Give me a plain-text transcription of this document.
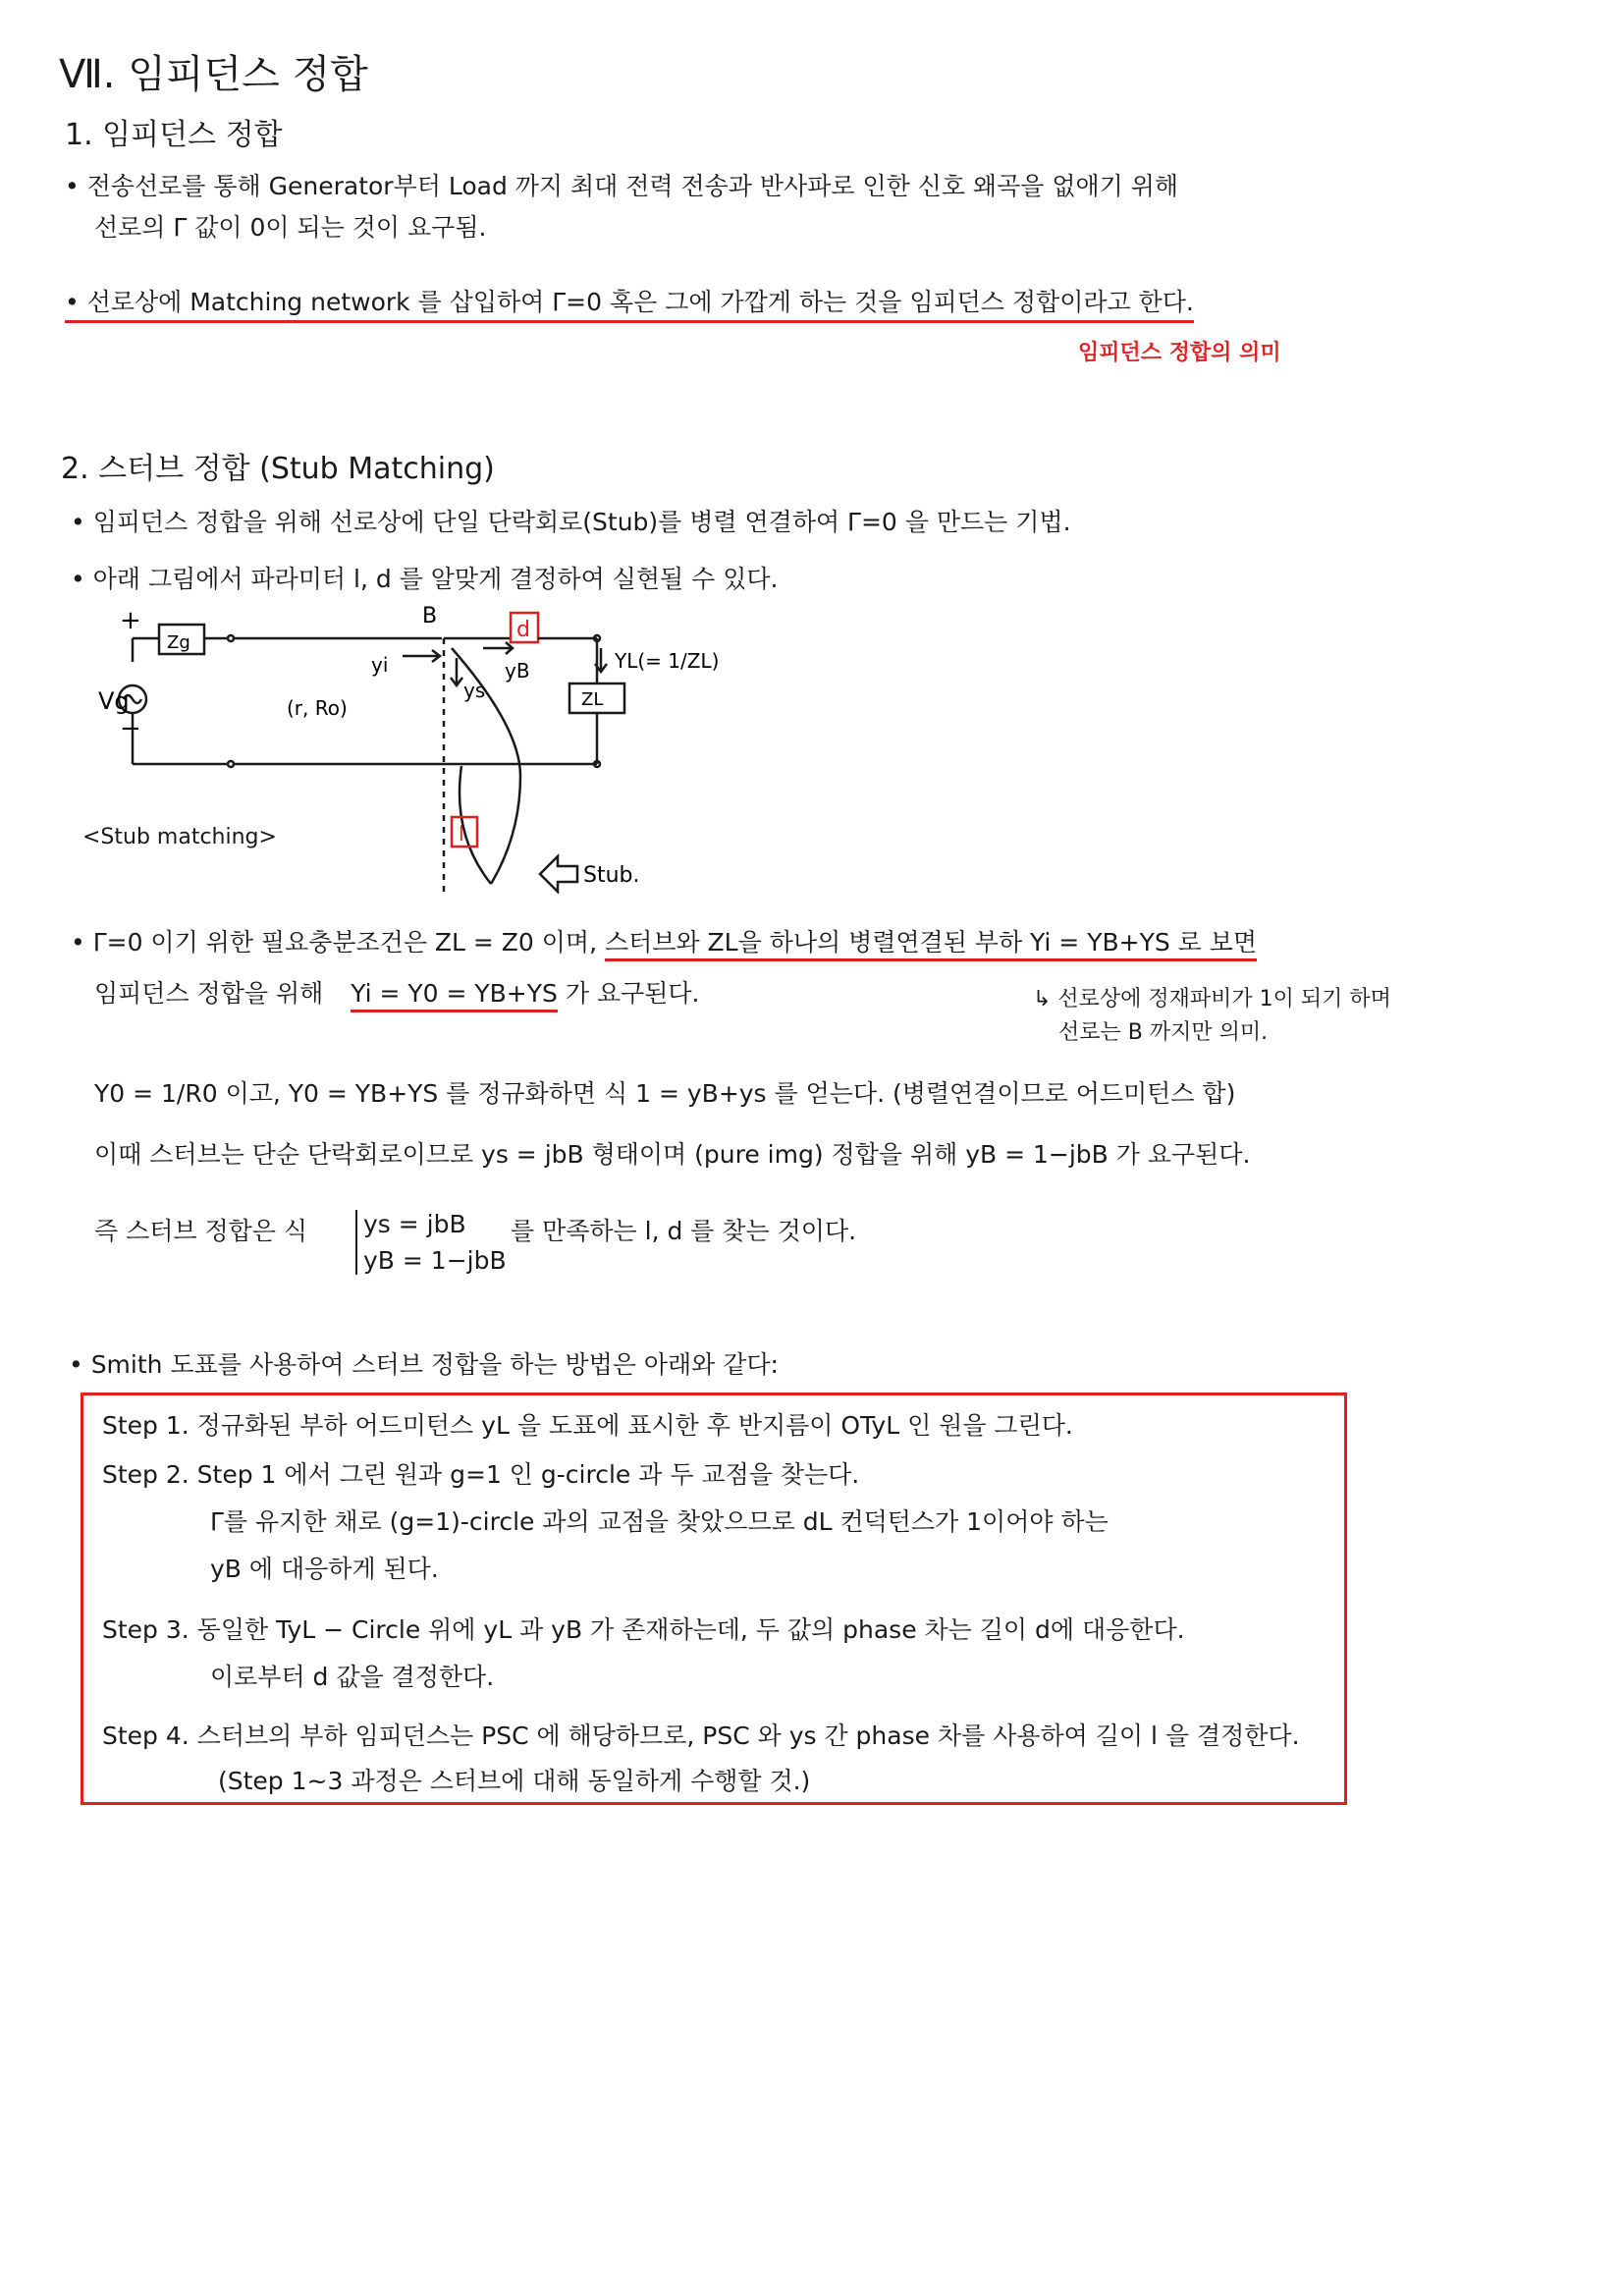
Ⅶ. 임피던스 정합
1. 임피던스 정합
• 전송선로를 통해 Generator부터 Load 까지 최대 전력 전송과 반사파로 인한 신호 왜곡을 없애기 위해
선로의 Γ 값이 0이 되는 것이 요구됨.
• 선로상에 Matching network 를 삽입하여 Γ=0 혹은 그에 가깝게 하는 것을 임피던스 정합이라고 한다.
임피던스 정합의 의미
2. 스터브 정합 (Stub Matching)
• 임피던스 정합을 위해 선로상에 단일 단락회로(Stub)를 병렬 연결하여 Γ=0 을 만드는 기법.
• 아래 그림에서 파라미터 l, d 를 알맞게 결정하여 실현될 수 있다.
Zg
+
Vg
−
(r, Ro)
B
d
yi
ys
yB	YL(= 1/ZL)
ZL
l
Stub.
<Stub matching>
• Γ=0 이기 위한 필요충분조건은 ZL = Z0 이며, 스터브와 ZL을 하나의 병렬연결된 부하 Yi = YB+YS 로 보면
임피던스 정합을 위해 Yi = Y0 = YB+YS 가 요구된다.	↳ 선로상에 정재파비가 1이 되기 하며
선로는 B 까지만 의미.
Y0 = 1/R0 이고, Y0 = YB+YS 를 정규화하면 식 1 = yB+ys 를 얻는다. (병렬연결이므로 어드미턴스 합)
이때 스터브는 단순 단락회로이므로 ys = jbB 형태이며 (pure img) 정합을 위해 yB = 1−jbB 가 요구된다.
즉 스터브 정합은 식 ys = jbB
yB = 1−jbB
를 만족하는 l, d 를 찾는 것이다.
• Smith 도표를 사용하여 스터브 정합을 하는 방법은 아래와 같다:
Step 1. 정규화된 부하 어드미턴스 yL 을 도표에 표시한 후 반지름이 OTyL 인 원을 그린다.
Step 2. Step 1 에서 그린 원과 g=1 인 g-circle 과 두 교점을 찾는다.
Γ를 유지한 채로 (g=1)-circle 과의 교점을 찾았으므로 dL 컨덕턴스가 1이어야 하는
yB 에 대응하게 된다.
Step 3. 동일한 TyL − Circle 위에 yL 과 yB 가 존재하는데, 두 값의 phase 차는 길이 d에 대응한다.
이로부터 d 값을 결정한다.
Step 4. 스터브의 부하 임피던스는 PSC 에 해당하므로, PSC 와 ys 간 phase 차를 사용하여 길이 l 을 결정한다.
(Step 1~3 과정은 스터브에 대해 동일하게 수행할 것.)
